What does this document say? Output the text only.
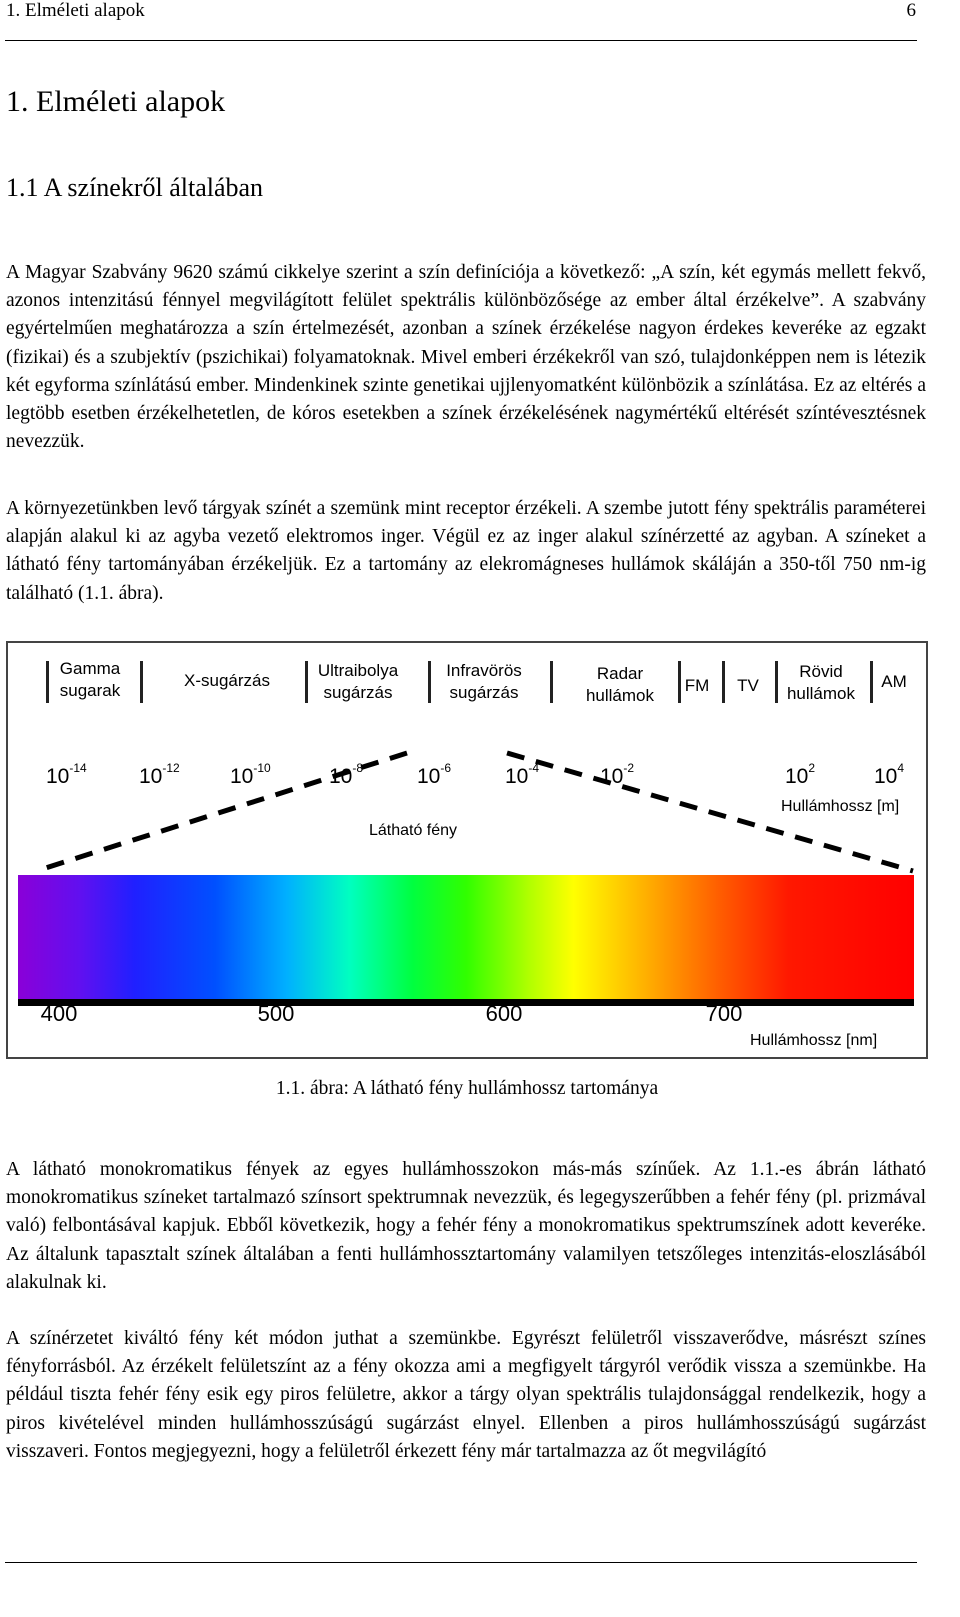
1. Elméleti alapok	6
1. Elméleti alapok
1.1 A színekről általában

A Magyar Szabvány 9620 számú cikkelye szerint a szín definíciója a következő: „A szín, két egymás mellett fekvő, azonos intenzitású fénnyel megvilágított felület spektrális különbözősége az ember által érzékelve”. A szabvány egyértelműen meghatározza a szín értelmezését, azonban a színek érzékelése nagyon érdekes keveréke az egzakt (fizikai) és a szubjektív (pszichikai) folyamatoknak. Mivel emberi érzékekről van szó, tulajdonképpen nem is létezik két egyforma színlátású ember. Mindenkinek szinte genetikai ujjlenyomatként különbözik a színlátása. Ez az eltérés a legtöbb esetben érzékelhetetlen, de kóros esetekben a színek érzékelésének nagymértékű eltérését színtévesztésnek nevezzük.

A környezetünkben levő tárgyak színét a szemünk mint receptor érzékeli. A szembe jutott fény spektrális paraméterei alapján alakul ki az agyba vezető elektromos inger. Végül ez az inger alakul színérzetté az agyban. A színeket a látható fény tartományában érzékeljük. Ez a tartomány az elekromágneses hullámok skáláján a 350-től 750 nm-ig található (1.1. ábra).

Gamma
sugarak
X-sugárzás
Ultraibolya
sugárzás
Infravörös
sugárzás
Radar
hullámok
FM TV
Rövid
hullámok
AM
$10^{-14}$ $10^{-12}$ $10^{-10}$	$10^{-8}$	$10^{-6}$	$10^{-4}$	$10^{-2}$	$10^2$	$10^4$
Hullámhossz [m]
Látható fény
400	500	600	700
Hullámhossz [nm]
1.1. ábra: A látható fény hullámhossz tartománya

A látható monokromatikus fények az egyes hullámhosszokon más-más színűek. Az 1.1.-es ábrán látható monokromatikus színeket tartalmazó színsort spektrumnak nevezzük, és legegyszerűbben a fehér fény (pl. prizmával való) felbontásával kapjuk. Ebből következik, hogy a fehér fény a monokromatikus spektrumszínek adott keveréke. Az általunk tapasztalt színek általában a fenti hullámhossztartomány valamilyen tetszőleges intenzitás-eloszlásából alakulnak ki.

A színérzetet kiváltó fény két módon juthat a szemünkbe. Egyrészt felületről visszaverődve, másrészt színes fényforrásból. Az érzékelt felületszínt az a fény okozza ami a megfigyelt tárgyról verődik vissza a szemünkbe. Ha például tiszta fehér fény esik egy piros felületre, akkor a tárgy olyan spektrális tulajdonsággal rendelkezik, hogy a piros kivételével minden hullámhosszúságú sugárzást elnyel. Ellenben a piros hullámhosszúságú sugárzást visszaveri. Fontos megjegyezni, hogy a felületről érkezett fény már tartalmazza az őt megvilágító
